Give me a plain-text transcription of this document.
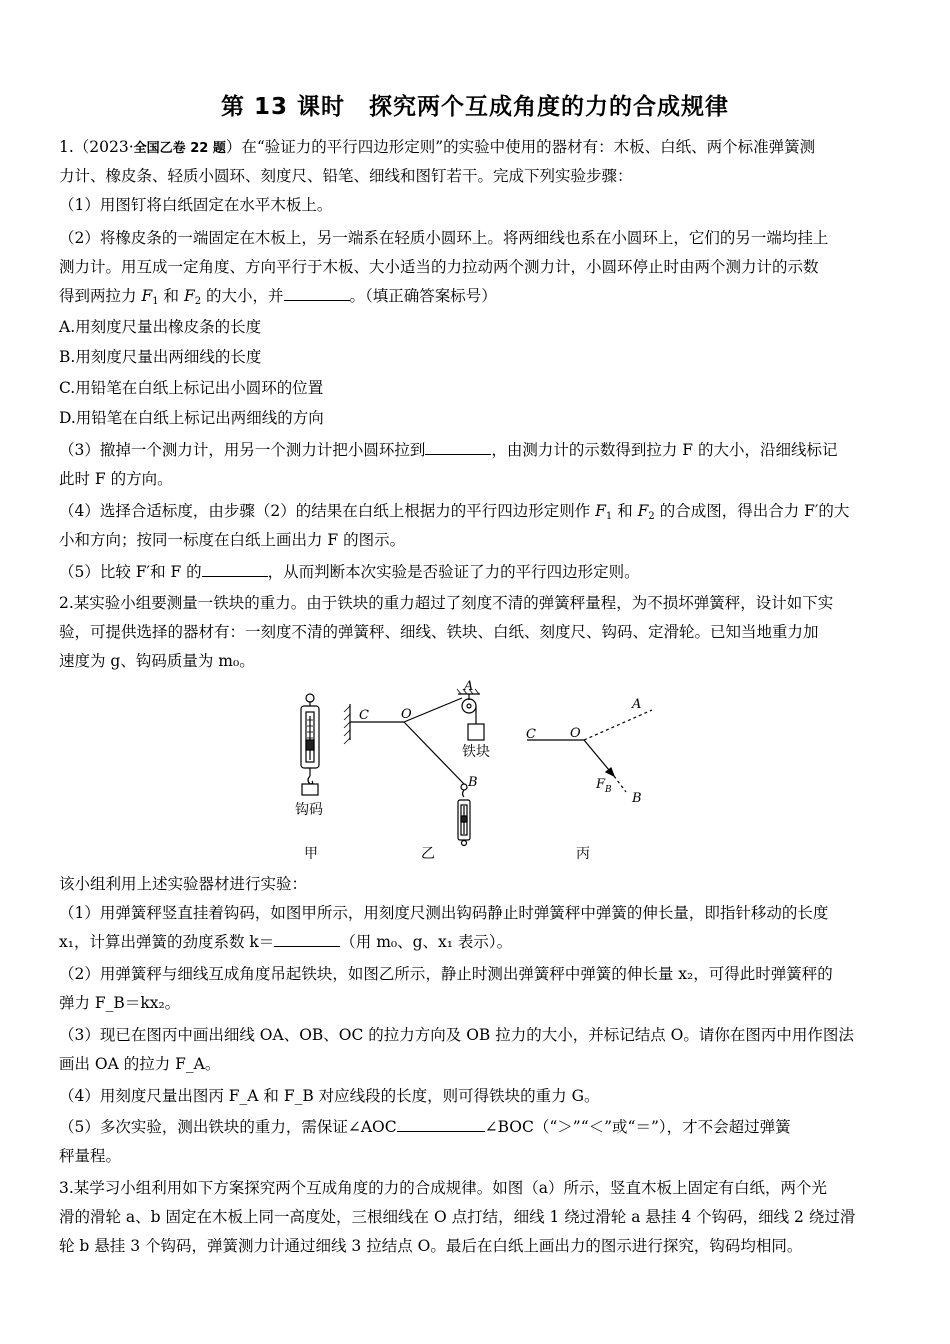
第 13 课时　探究两个互成角度的力的合成规律
1.（2023·全国乙卷 22 题）在“验证力的平行四边形定则”的实验中使用的器材有：木板、白纸、两个标准弹簧测
力计、橡皮条、轻质小圆环、刻度尺、铅笔、细线和图钉若干。完成下列实验步骤：
（1）用图钉将白纸固定在水平木板上。
（2）将橡皮条的一端固定在木板上，另一端系在轻质小圆环上。将两细线也系在小圆环上，它们的另一端均挂上
测力计。用互成一定角度、方向平行于木板、大小适当的力拉动两个测力计，小圆环停止时由两个测力计的示数
得到两拉力 $F_1$ 和 $F_2$ 的大小，并	。（填正确答案标号）
A.用刻度尺量出橡皮条的长度
B.用刻度尺量出两细线的长度
C.用铅笔在白纸上标记出小圆环的位置
D.用铅笔在白纸上标记出两细线的方向
（3）撤掉一个测力计，用另一个测力计把小圆环拉到	，由测力计的示数得到拉力 F 的大小，沿细线标记
此时 F 的方向。
（4）选择合适标度，由步骤（2）的结果在白纸上根据力的平行四边形定则作 $F_1$ 和 $F_2$ 的合成图，得出合力 F′的大
小和方向；按同一标度在白纸上画出力 F 的图示。
（5）比较 F′和 F 的	，从而判断本次实验是否验证了力的平行四边形定则。
2.某实验小组要测量一铁块的重力。由于铁块的重力超过了刻度不清的弹簧秤量程，为不损坏弹簧秤，设计如下实
验，可提供选择的器材有：一刻度不清的弹簧秤、细线、铁块、白纸、刻度尺、钩码、定滑轮。已知当地重力加
速度为 g、钩码质量为 m₀。
C O
A
B
C	O
A
B
F B
钩码
铁块
甲	乙	丙
该小组利用上述实验器材进行实验：
（1）用弹簧秤竖直挂着钩码，如图甲所示，用刻度尺测出钩码静止时弹簧秤中弹簧的伸长量，即指针移动的长度
x₁，计算出弹簧的劲度系数 k＝	（用 m₀、g、x₁ 表示）。
（2）用弹簧秤与细线互成角度吊起铁块，如图乙所示，静止时测出弹簧秤中弹簧的伸长量 x₂，可得此时弹簧秤的
弹力 F_B＝kx₂。
（3）现已在图丙中画出细线 OA、OB、OC 的拉力方向及 OB 拉力的大小，并标记结点 O。请你在图丙中用作图法
画出 OA 的拉力 F_A。
（4）用刻度尺量出图丙 F_A 和 F_B 对应线段的长度，则可得铁块的重力 G。
（5）多次实验，测出铁块的重力，需保证∠AOC	∠BOC（“＞”“＜”或“＝”），才不会超过弹簧
秤量程。
3.某学习小组利用如下方案探究两个互成角度的力的合成规律。如图（a）所示，竖直木板上固定有白纸，两个光
滑的滑轮 a、b 固定在木板上同一高度处，三根细线在 O 点打结，细线 1 绕过滑轮 a 悬挂 4 个钩码，细线 2 绕过滑
轮 b 悬挂 3 个钩码，弹簧测力计通过细线 3 拉结点 O。最后在白纸上画出力的图示进行探究，钩码均相同。
